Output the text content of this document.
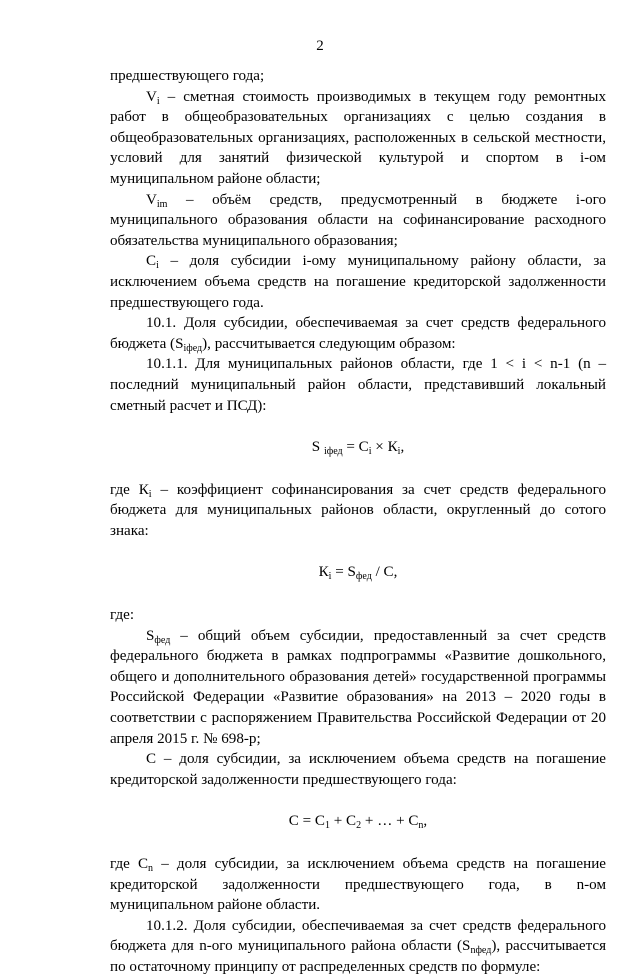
2

предшествующего года;

$V_i$ – сметная стоимость производимых в текущем году ремонтных работ в общеобразовательных организациях с целью создания в общеобразовательных организациях, расположенных в сельской местности, условий для занятий физической культурой и спортом в i-ом муниципальном районе области;

$V_{im}$ – объём средств, предусмотренный в бюджете i-ого муниципального образования области на софинансирование расходного обязательства муниципального образования;

$C_i$ – доля субсидии i-ому муниципальному району области, за исключением объема средств на погашение кредиторской задолженности предшествующего года.

10.1. Доля субсидии, обеспечиваемая за счет средств федерального бюджета $(S_{iфед})$, рассчитывается следующим образом:

10.1.1. Для муниципальных районов области, где 1 < i < n-1 (n – последний муниципальный район области, представивший локальный сметный расчет и ПСД):

S $_{iфед} = C_i \times К_i$,

где $К_i$ – коэффициент софинансирования за счет средств федерального бюджета для муниципальных районов области, округленный до сотого знака:

$К_i = S_{фед} / С$,

где:

$S_{фед}$ – общий объем субсидии, предоставленный за счет средств федерального бюджета в рамках подпрограммы «Развитие дошкольного, общего и дополнительного образования детей» государственной программы Российской Федерации «Развитие образования» на 2013 – 2020 годы в соответствии с распоряжением Правительства Российской Федерации от 20 апреля 2015 г. № 698-р;

С – доля субсидии, за исключением объема средств на погашение кредиторской задолженности предшествующего года:

$С = С_1 + С_2$ + … + $С_n$,

где $С_n$ – доля субсидии, за исключением объема средств на погашение кредиторской задолженности предшествующего года, в n-ом муниципальном районе области.

10.1.2. Доля субсидии, обеспечиваемая за счет средств федерального бюджета для n-ого муниципального района области $(S_{nфед})$, рассчитывается по остаточному принципу от распределенных средств по формуле:
